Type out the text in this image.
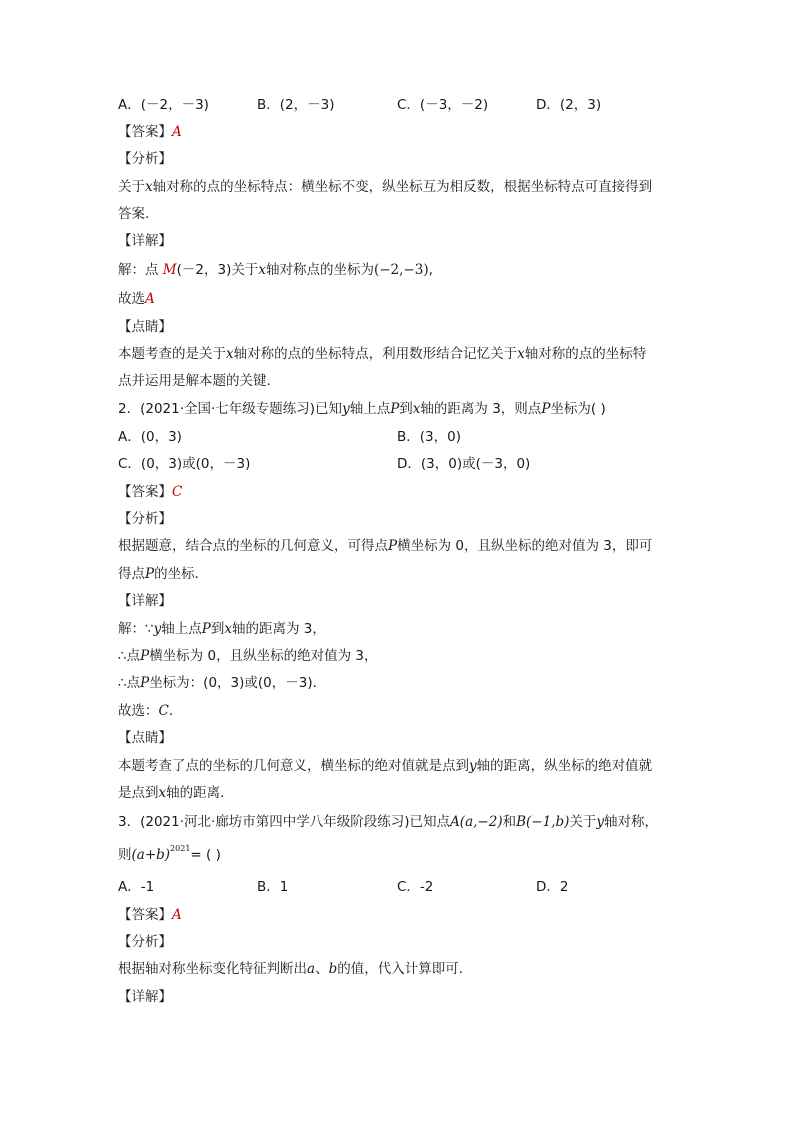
A．(－2，－3)	B．(2，－3)	C．(－3，－2)	D．(2，3)
【答案】A
【分析】
关于x轴对称的点的坐标特点：横坐标不变，纵坐标互为相反数，根据坐标特点可直接得到
答案.
【详解】
解：点 M(－2，3)关于x轴对称点的坐标为(−2,−3),
故选A
【点睛】
本题考查的是关于x轴对称的点的坐标特点，利用数形结合记忆关于x轴对称的点的坐标特
点并运用是解本题的关键.
2．(2021·全国·七年级专题练习)已知y轴上点P到x轴的距离为 3，则点P坐标为( )
A．(0，3)	B．(3，0)
C．(0，3)或(0，－3)	D．(3，0)或(－3，0)
【答案】C
【分析】
根据题意，结合点的坐标的几何意义，可得点P横坐标为 0，且纵坐标的绝对值为 3，即可
得点P的坐标．
【详解】
解：∵y轴上点P到x轴的距离为 3，
∴点P横坐标为 0，且纵坐标的绝对值为 3，
∴点P坐标为：(0，3)或(0，－3)．
故选：C．
【点睛】
本题考查了点的坐标的几何意义，横坐标的绝对值就是点到y轴的距离，纵坐标的绝对值就
是点到x轴的距离．
3．(2021·河北·廊坊市第四中学八年级阶段练习)已知点A(a,−2)和B(−1,b)关于y轴对称，
则$(a+b)^{2021}=$ ( )
A．-1	B．1	C．-2	D．2
【答案】A
【分析】
根据轴对称坐标变化特征判断出a、b的值，代入计算即可．
【详解】
